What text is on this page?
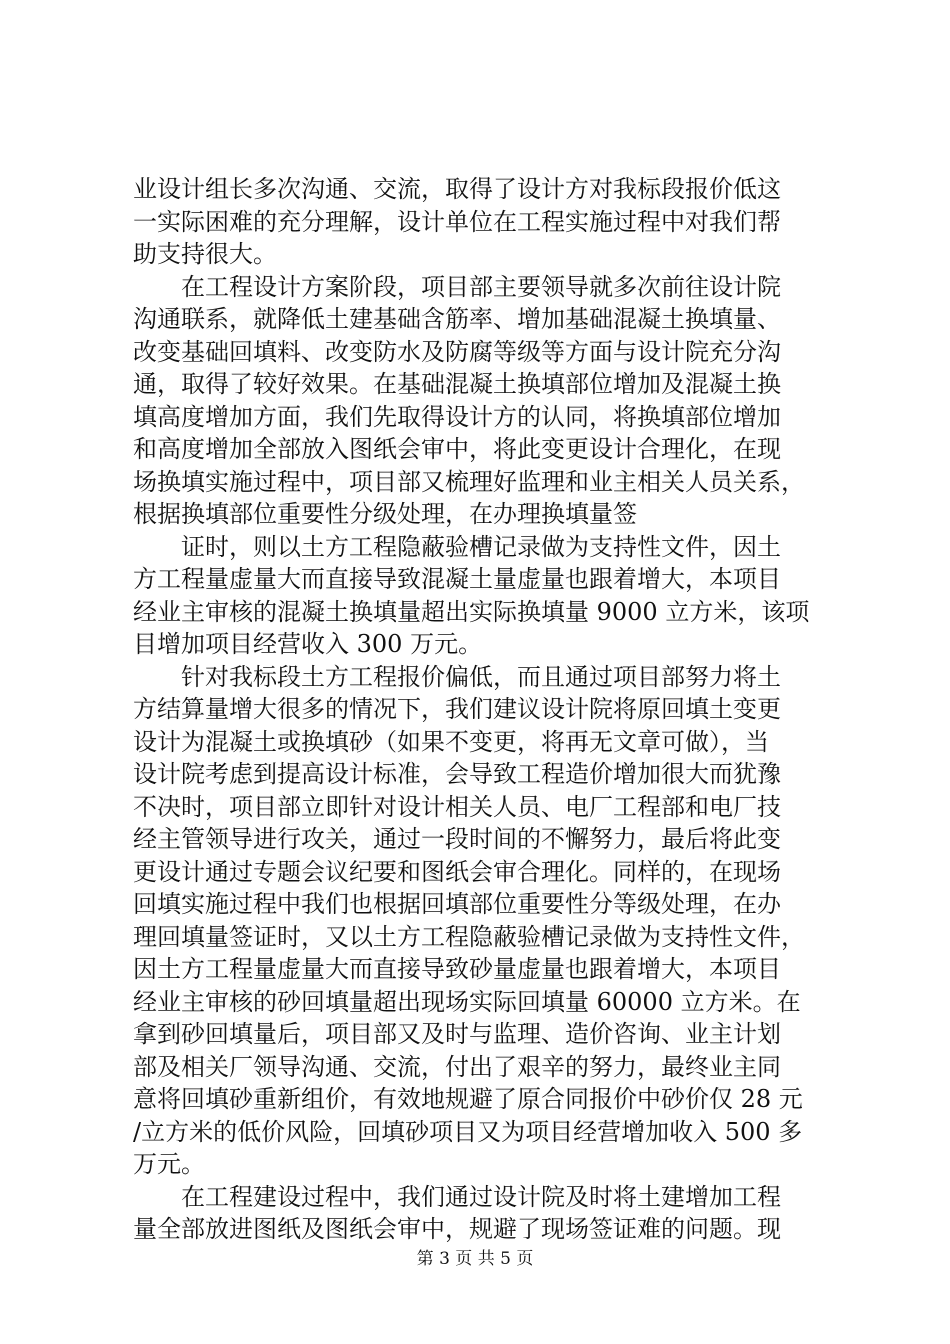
业设计组长多次沟通、交流，取得了设计方对我标段报价低这
一实际困难的充分理解，设计单位在工程实施过程中对我们帮
助支持很大。

在工程设计方案阶段，项目部主要领导就多次前往设计院
沟通联系，就降低土建基础含筋率、增加基础混凝土换填量、
改变基础回填料、改变防水及防腐等级等方面与设计院充分沟
通，取得了较好效果。在基础混凝土换填部位增加及混凝土换
填高度增加方面，我们先取得设计方的认同，将换填部位增加
和高度增加全部放入图纸会审中，将此变更设计合理化，在现
场换填实施过程中，项目部又梳理好监理和业主相关人员关系，
根据换填部位重要性分级处理，在办理换填量签

证时，则以土方工程隐蔽验槽记录做为支持性文件，因土
方工程量虚量大而直接导致混凝土量虚量也跟着增大，本项目
经业主审核的混凝土换填量超出实际换填量 9000 立方米，该项
目增加项目经营收入 300 万元。

针对我标段土方工程报价偏低，而且通过项目部努力将土
方结算量增大很多的情况下，我们建议设计院将原回填土变更
设计为混凝土或换填砂（如果不变更，将再无文章可做），当
设计院考虑到提高设计标准，会导致工程造价增加很大而犹豫
不决时，项目部立即针对设计相关人员、电厂工程部和电厂技
经主管领导进行攻关，通过一段时间的不懈努力，最后将此变
更设计通过专题会议纪要和图纸会审合理化。同样的，在现场
回填实施过程中我们也根据回填部位重要性分等级处理，在办
理回填量签证时，又以土方工程隐蔽验槽记录做为支持性文件，
因土方工程量虚量大而直接导致砂量虚量也跟着增大，本项目
经业主审核的砂回填量超出现场实际回填量 60000 立方米。在
拿到砂回填量后，项目部又及时与监理、造价咨询、业主计划
部及相关厂领导沟通、交流，付出了艰辛的努力，最终业主同
意将回填砂重新组价，有效地规避了原合同报价中砂价仅 28 元
/立方米的低价风险，回填砂项目又为项目经营增加收入 500 多
万元。

在工程建设过程中，我们通过设计院及时将土建增加工程
量全部放进图纸及图纸会审中，规避了现场签证难的问题。现

第 3 页 共 5 页
